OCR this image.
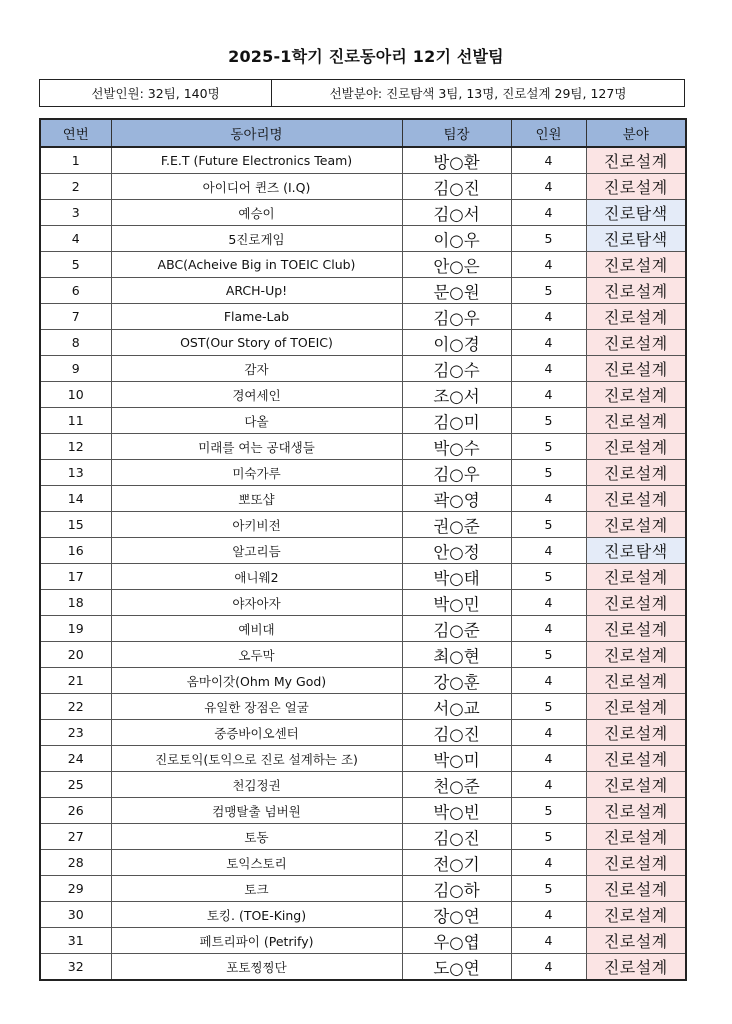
2025-1학기 진로동아리 12기 선발팀
선발인원: 32팀, 140명	선발분야: 진로탐색 3팀, 13명, 진로설계 29팀, 127명
연번	동아리명	팀장	인원	분야
1	F.E.T (Future Electronics Team)	방○환	4	진로설계
2	아이디어 퀸즈 (I.Q)	김○진	4	진로설계
3	예승이	김○서	4	진로탐색
4	5진로게임	이○우	5	진로탐색
5	ABC(Acheive Big in TOEIC Club)	안○은	4	진로설계
6	ARCH-Up!	문○원	5	진로설계
7	Flame-Lab	김○우	4	진로설계
8	OST(Our Story of TOEIC)	이○경	4	진로설계
9	감자	김○수	4	진로설계
10	경여세인	조○서	4	진로설계
11	다올	김○미	5	진로설계
12	미래를 여는 공대생들	박○수	5	진로설계
13	미숙가루	김○우	5	진로설계
14	뽀또샵	곽○영	4	진로설계
15	아키비전	권○준	5	진로설계
16	알고리듬	안○정	4	진로탐색
17	애니웨2	박○태	5	진로설계
18	야자아자	박○민	4	진로설계
19	예비대	김○준	4	진로설계
20	오두막	최○현	5	진로설계
21	옴마이갓(Ohm My God)	강○훈	4	진로설계
22	유일한 장점은 얼굴	서○교	5	진로설계
23	중증바이오센터	김○진	4	진로설계
24	진로토익(토익으로 진로 설계하는 조)	박○미	4	진로설계
25	천김정권	천○준	4	진로설계
26	컴맹탈출 넘버원	박○빈	5	진로설계
27	토동	김○진	5	진로설계
28	토익스토리	전○기	4	진로설계
29	토크	김○하	5	진로설계
30	토킹. (TOE-King)	장○연	4	진로설계
31	페트리파이 (Petrify)	우○엽	4	진로설계
32	포토찡찡단	도○연	4	진로설계
